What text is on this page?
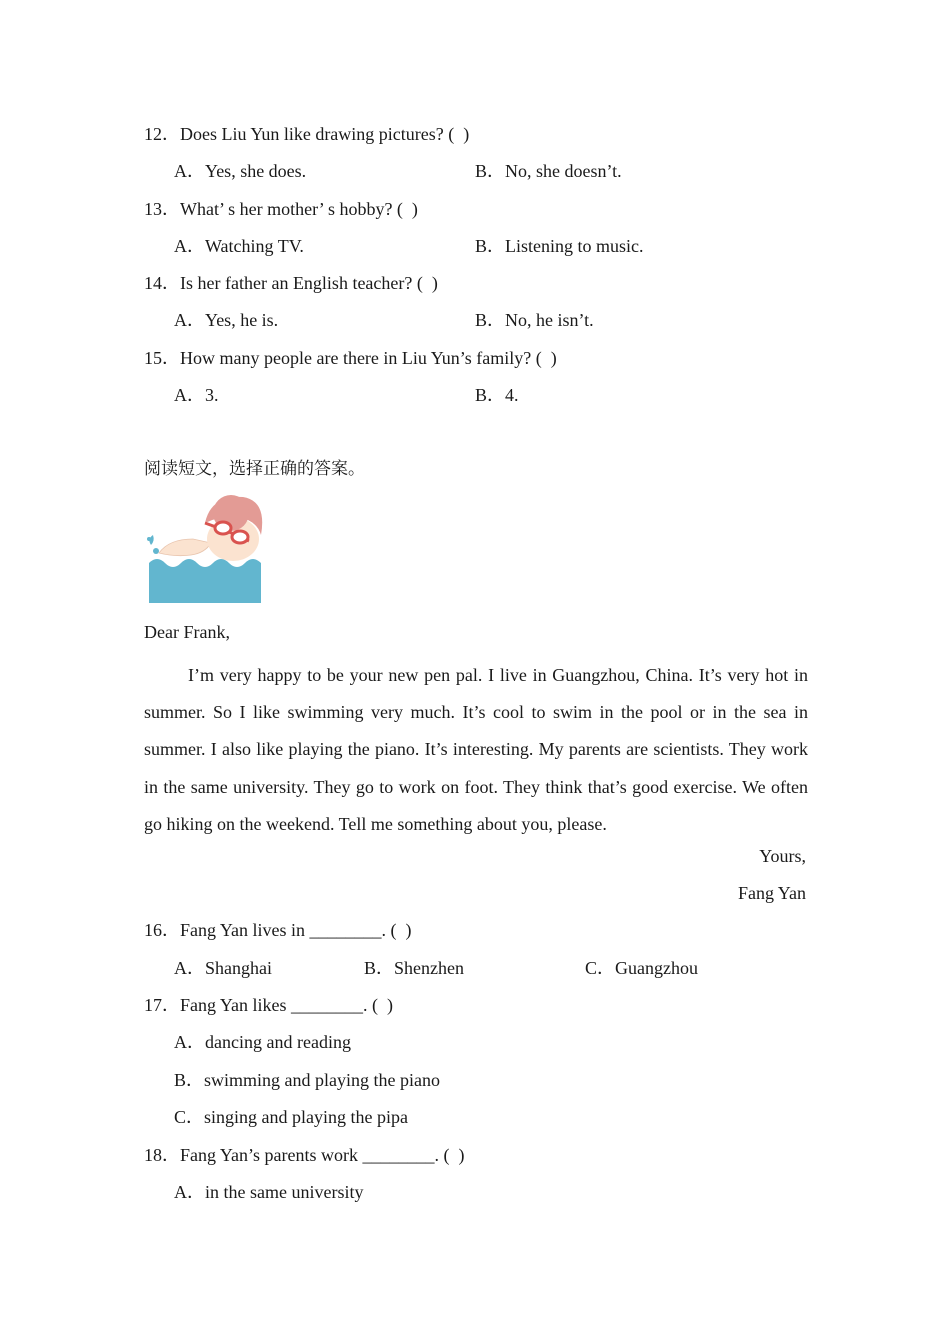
12．Does Liu Yun like drawing pictures? (  )
A．Yes, she does.	B．No, she doesn’t.
13．What’ s her mother’ s hobby? (  )
A．Watching TV.	B．Listening to music.
14．Is her father an English teacher? (  )
A．Yes, he is.	B．No, he isn’t.
15．How many people are there in Liu Yun’s family? (  )
A．3.	B．4.
阅读短文，选择正确的答案。
Dear Frank,
I’m very happy to be your new pen pal. I live in Guangzhou, China. It’s very hot in summer. So I like swimming very much. It’s cool to swim in the pool or in the sea in summer. I also like playing the piano. It’s interesting. My parents are scientists. They work in the same university. They go to work on foot. They think that’s good exercise. We often go hiking on the weekend. Tell me something about you, please.
Yours,
Fang Yan
16．Fang Yan lives in ________. (  )
A．Shanghai	B．Shenzhen	C．Guangzhou
17．Fang Yan likes ________. (  )
A．dancing and reading
B．swimming and playing the piano
C．singing and playing the pipa
18．Fang Yan’s parents work ________. (  )
A．in the same university
